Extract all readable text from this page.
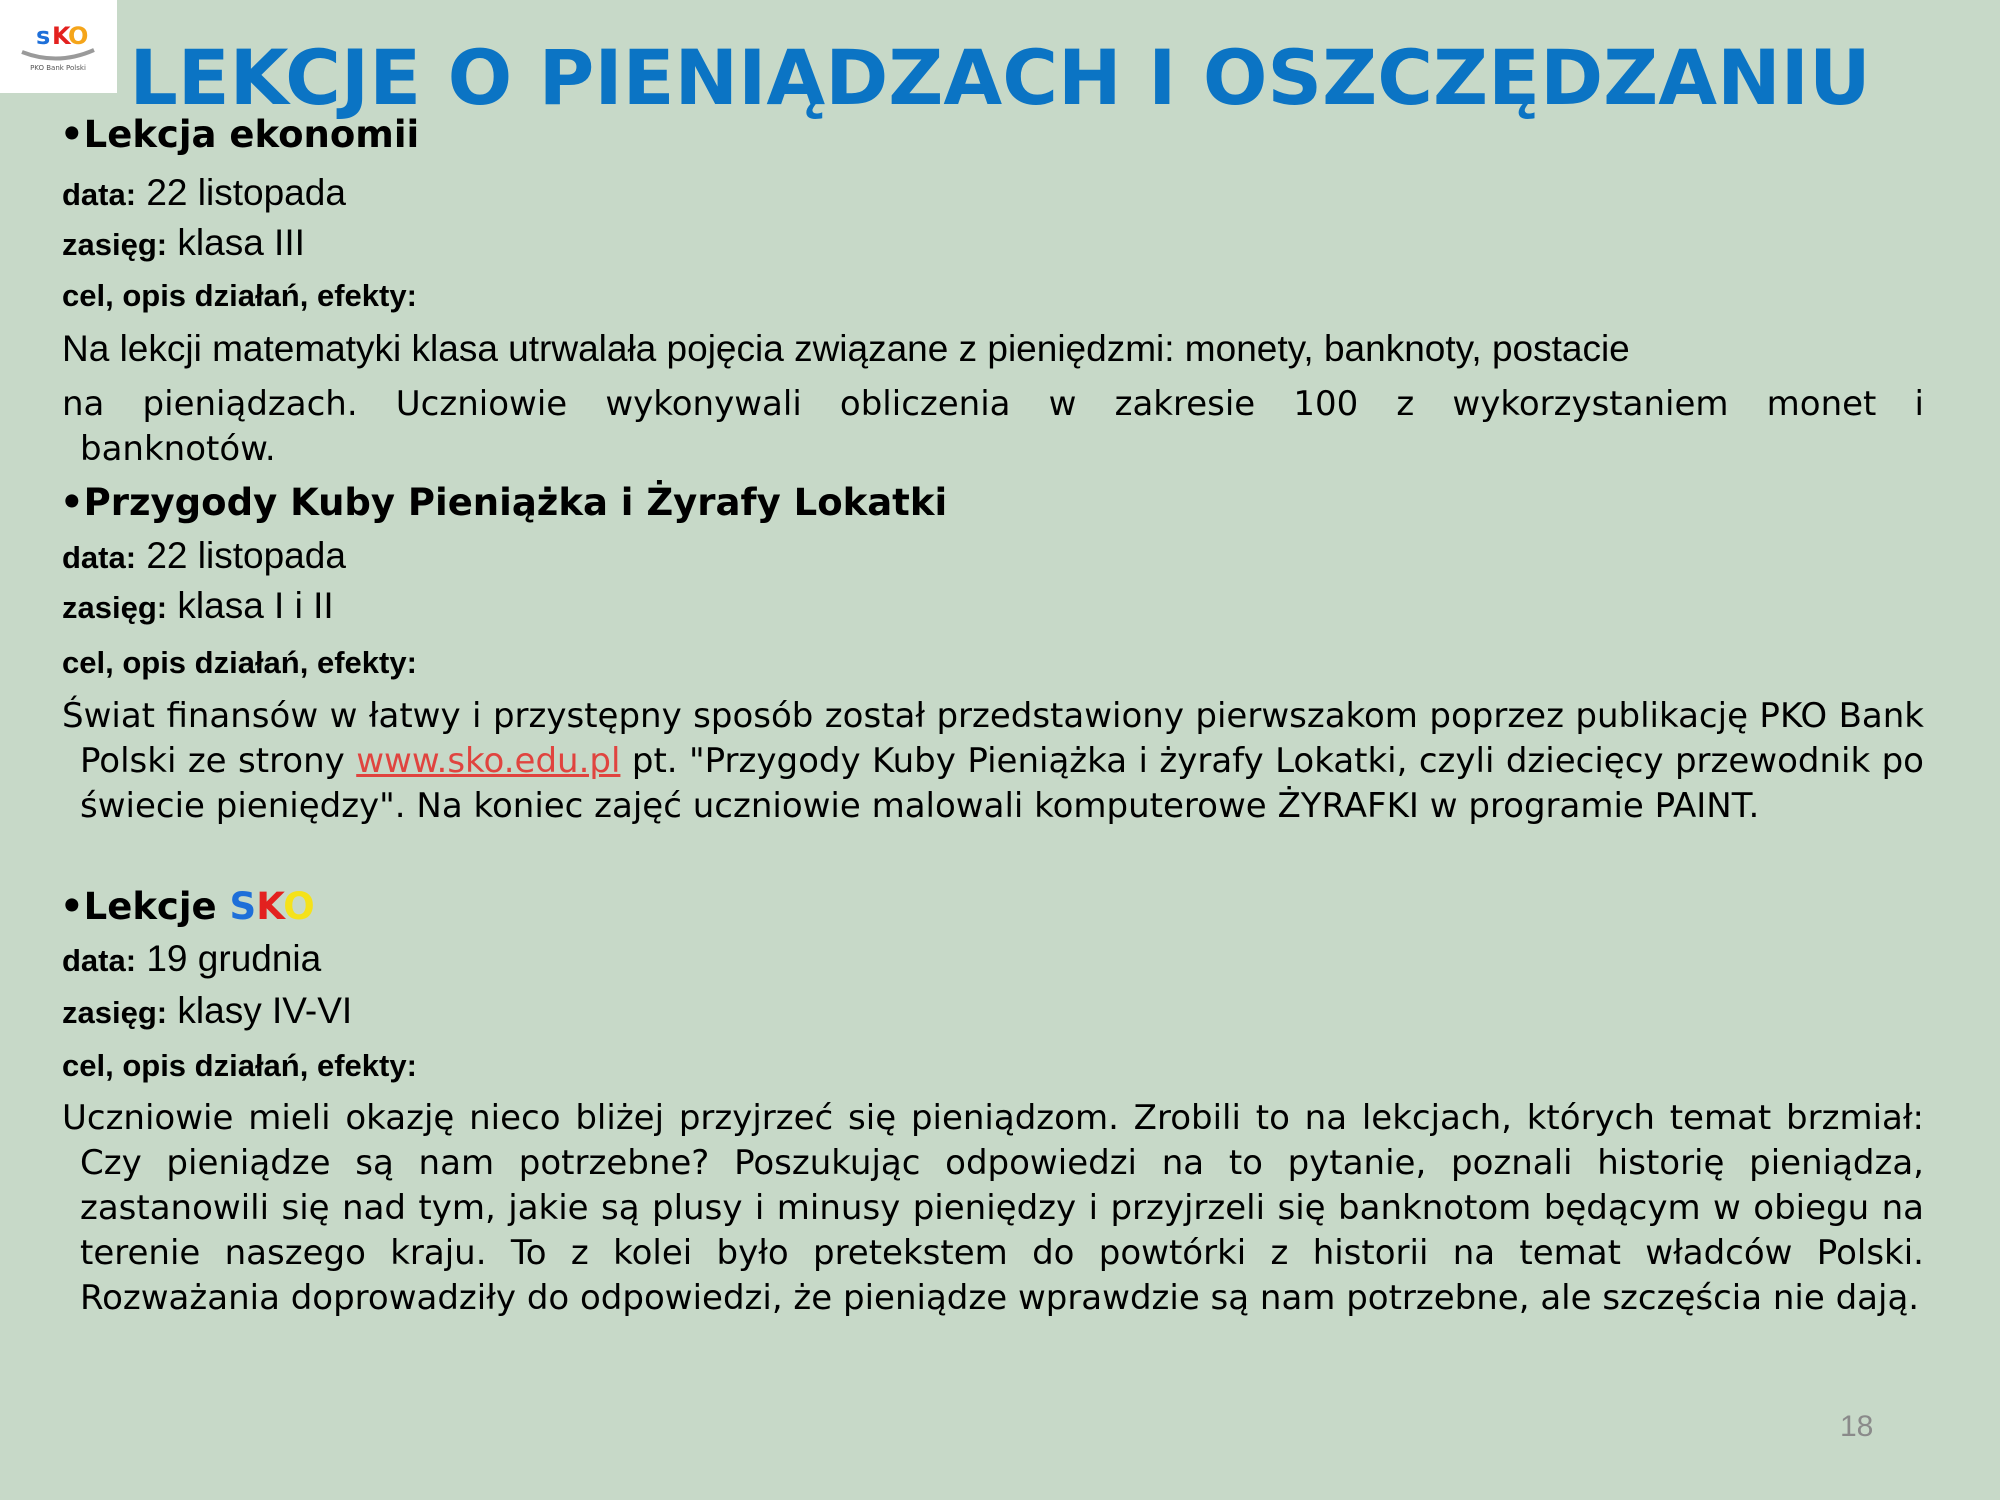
s K
O
PKO Bank Polski LEKCJE O PIENIĄDZACH I OSZCZĘDZANIU
•Lekcja ekonomii
data: 22 listopada
zasięg: klasa III
cel, opis działań, efekty:
Na lekcji matematyki klasa utrwalała pojęcia związane z pieniędzmi: monety, banknoty, postacie
na pieniądzach. Uczniowie wykonywali obliczenia w zakresie 100 z wykorzystaniem monet i
banknotów.
•Przygody Kuby Pieniążka i Żyrafy Lokatki
data: 22 listopada
zasięg: klasa I i II
cel, opis działań, efekty:
Świat finansów w łatwy i przystępny sposób został przedstawiony pierwszakom poprzez publikację PKO Bank Polski ze strony www.sko.edu.pl pt. "Przygody Kuby Pieniążka i żyrafy Lokatki, czyli dziecięcy przewodnik po świecie pieniędzy". Na koniec zajęć uczniowie malowali komputerowe ŻYRAFKI w programie PAINT.
•Lekcje SKO
data: 19 grudnia
zasięg: klasy IV-VI
cel, opis działań, efekty:
Uczniowie mieli okazję nieco bliżej przyjrzeć się pieniądzom. Zrobili to na lekcjach, których temat brzmiał: Czy pieniądze są nam potrzebne? Poszukując odpowiedzi na to pytanie, poznali historię pieniądza, zastanowili się nad tym, jakie są plusy i minusy pieniędzy i przyjrzeli się banknotom będącym w obiegu na terenie naszego kraju. To z kolei było pretekstem do powtórki z historii na temat władców Polski. Rozważania doprowadziły do odpowiedzi, że pieniądze wprawdzie są nam potrzebne, ale szczęścia nie dają.
18
